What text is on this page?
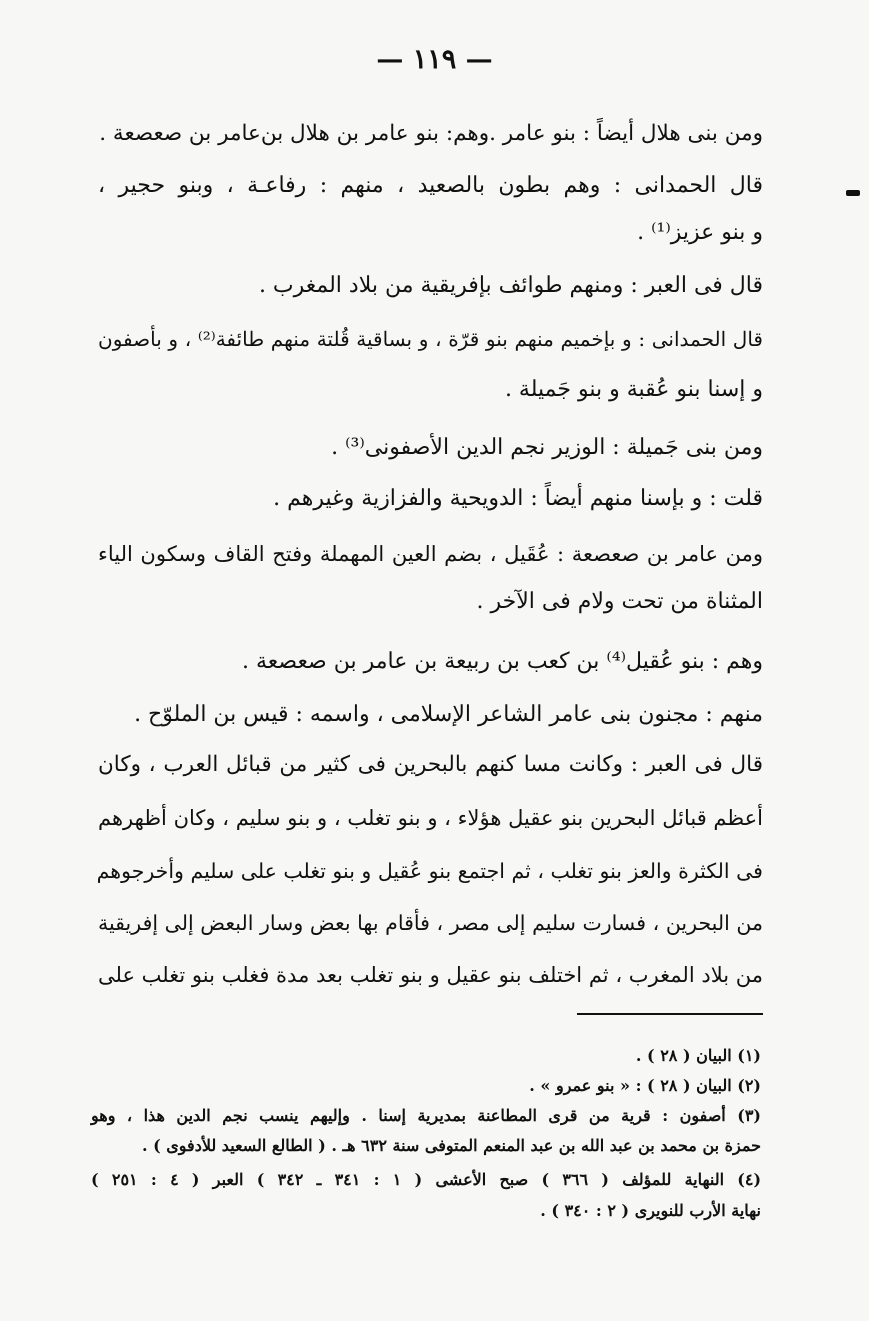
— ١١٩ —
ومن بنى هلال أيضاً : بنو عامر .وهم: بنو عامر بن هلال بن‌عامر بن صعصعة .
قال الحمدانى : وهم بطون بالصعيد ، منهم : رفاعـة ، وبنو حجير ،
و بنو عزيز⁽¹⁾ .
قال فى العبر : ومنهم طوائف بإفريقية من بلاد المغرب .
قال الحمدانى : و بإخميم منهم بنو قرّة ، و بساقية قُلتة منهم طائفة⁽²⁾ ، و بأصفون
و إسنا بنو عُقبة و بنو جَميلة .
ومن بنى جَميلة : الوزير نجم الدين الأصفونى⁽³⁾ .
قلت : و بإسنا منهم أيضاً : الدويحية والفزازية وغيرهم .
ومن عامر بن صعصعة : عُقَيل ، بضم العين المهملة وفتح القاف وسكون الياء
المثناة من تحت ولام فى الآخر .
وهم : بنو عُقيل⁽⁴⁾ بن كعب بن ربيعة بن عامر بن صعصعة .
منهم : مجنون بنى عامر الشاعر الإسلامى ، واسمه : قيس بن الملوّح .
قال فى العبر : وكانت مسا كنهم بالبحرين فى كثير من قبائل العرب ، وكان
أعظم قبائل البحرين بنو عقيل هؤلاء ، و بنو تغلب ، و بنو سليم ، وكان أظهرهم
فى الكثرة والعز بنو تغلب ، ثم اجتمع بنو عُقيل و بنو تغلب على سليم وأخرجوهم
من البحرين ، فسارت سليم إلى مصر ، فأقام بها بعض وسار البعض إلى إفريقية
من بلاد المغرب ، ثم اختلف بنو عقيل و بنو تغلب بعد مدة فغلب بنو تغلب على
(١) البيان ( ٢٨ ) .
(٢) البيان ( ٢٨ ) : « بنو عمرو » .
(٣) أصفون : قرية من قرى المطاعنة بمديرية إسنا . وإليهم ينسب نجم الدين هذا ، وهو
حمزة بن محمد بن عبد الله بن عبد المنعم المتوفى سنة ٦٣٢ هـ . ( الطالع السعيد للأدفوى ) .
(٤) النهاية للمؤلف ( ٣٦٦ ) صبح الأعشى ( ١ : ٣٤١ ـ ٣٤٢ ) العبر ( ٤ : ٢٥١ )
نهاية الأرب للنويرى ( ٢ : ٣٤٠ ) .
